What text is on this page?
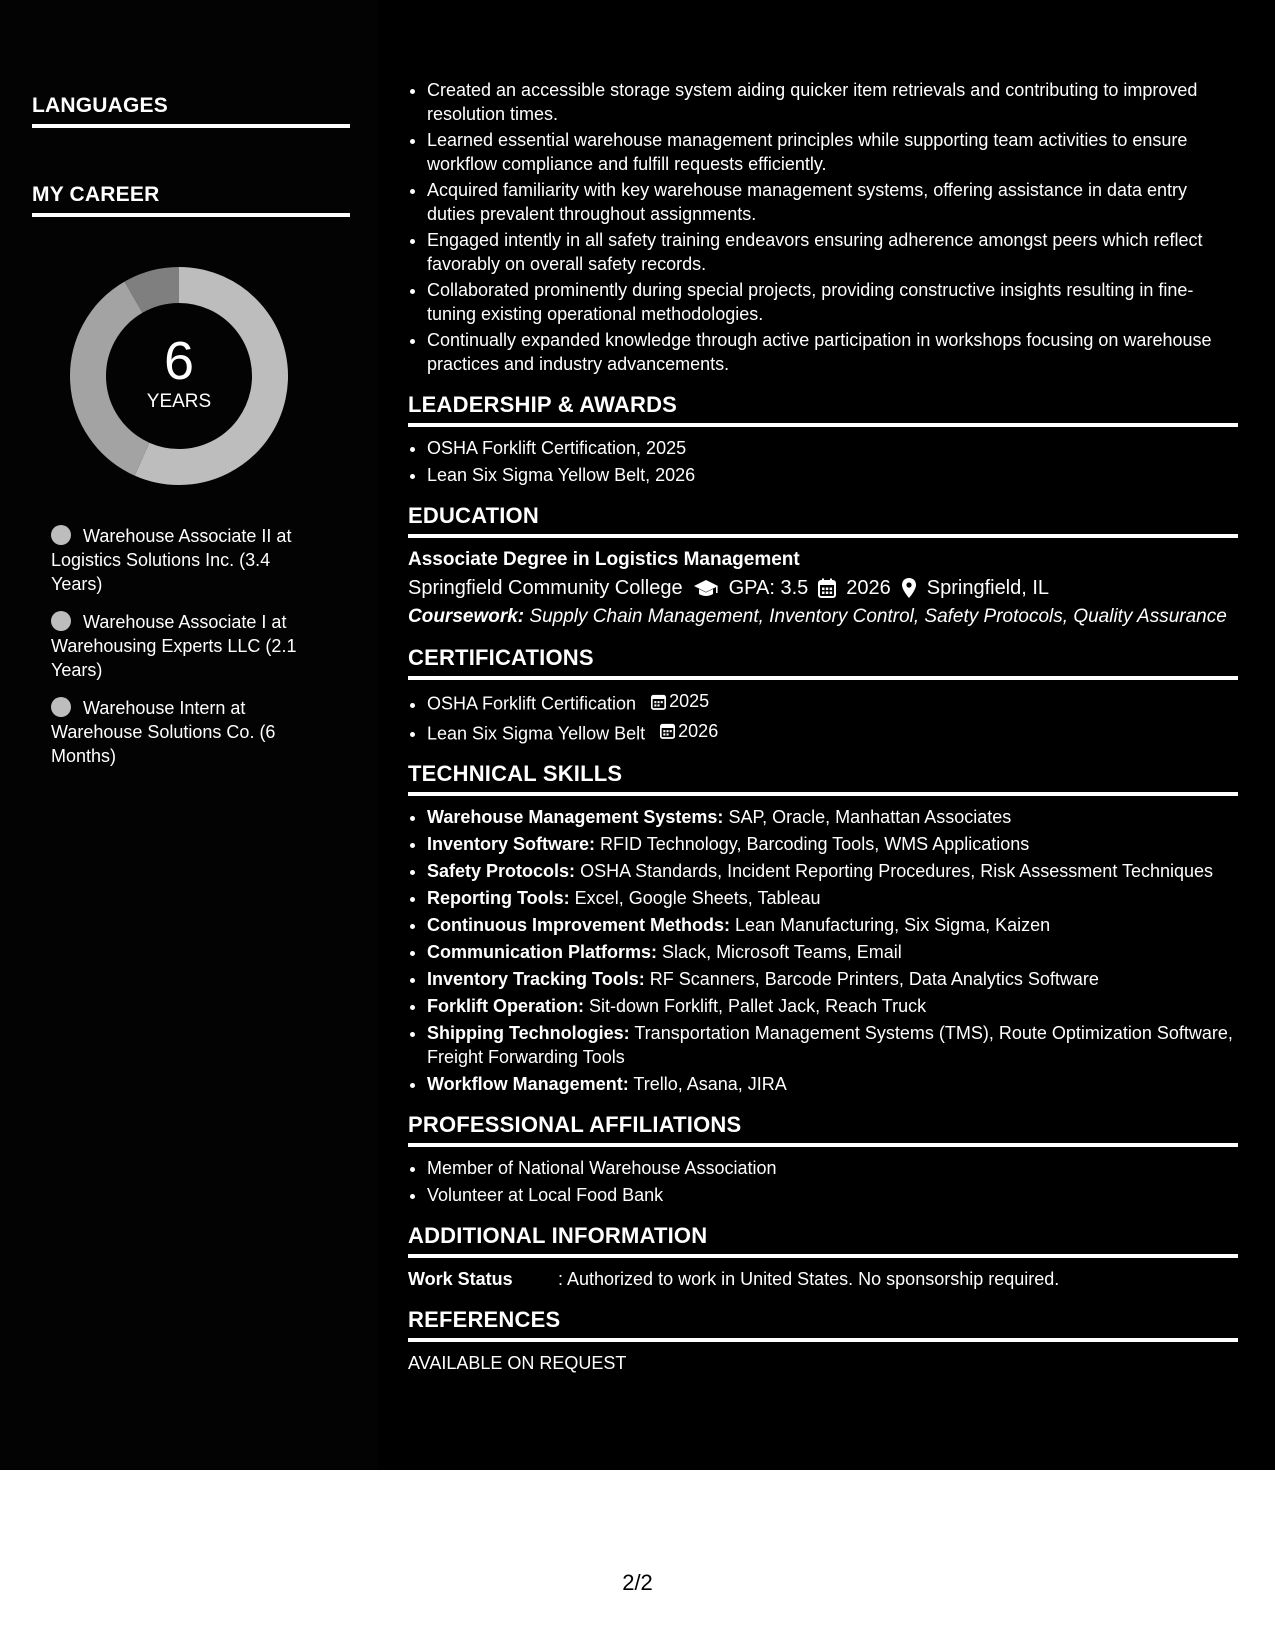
LANGUAGES
MY CAREER
6
YEARS
Warehouse Associate II at Logistics Solutions Inc. (3.4 Years)
Warehouse Associate I at Warehousing Experts LLC (2.1 Years)
Warehouse Intern at Warehouse Solutions Co. (6 Months)
• Created an accessible storage system aiding quicker item retrievals and contributing to improved resolution times.
• Learned essential warehouse management principles while supporting team activities to ensure workflow compliance and fulfill requests efficiently.
• Acquired familiarity with key warehouse management systems, offering assistance in data entry duties prevalent throughout assignments.
• Engaged intently in all safety training endeavors ensuring adherence amongst peers which reflect favorably on overall safety records.
• Collaborated prominently during special projects, providing constructive insights resulting in fine-tuning existing operational methodologies.
• Continually expanded knowledge through active participation in workshops focusing on warehouse practices and industry advancements.
LEADERSHIP & AWARDS
• OSHA Forklift Certification, 2025
• Lean Six Sigma Yellow Belt, 2026
EDUCATION
Associate Degree in Logistics Management
Springfield Community College GPA: 3.5 2026 Springfield, IL
Coursework: Supply Chain Management, Inventory Control, Safety Protocols, Quality Assurance
CERTIFICATIONS
• OSHA Forklift Certification 2025
• Lean Six Sigma Yellow Belt 2026
TECHNICAL SKILLS
• Warehouse Management Systems: SAP, Oracle, Manhattan Associates
• Inventory Software: RFID Technology, Barcoding Tools, WMS Applications
• Safety Protocols: OSHA Standards, Incident Reporting Procedures, Risk Assessment Techniques
• Reporting Tools: Excel, Google Sheets, Tableau
• Continuous Improvement Methods: Lean Manufacturing, Six Sigma, Kaizen
• Communication Platforms: Slack, Microsoft Teams, Email
• Inventory Tracking Tools: RF Scanners, Barcode Printers, Data Analytics Software
• Forklift Operation: Sit-down Forklift, Pallet Jack, Reach Truck
• Shipping Technologies: Transportation Management Systems (TMS), Route Optimization Software, Freight Forwarding Tools
• Workflow Management: Trello, Asana, JIRA
PROFESSIONAL AFFILIATIONS
• Member of National Warehouse Association
• Volunteer at Local Food Bank
ADDITIONAL INFORMATION
Work Status	: Authorized to work in United States. No sponsorship required.
REFERENCES
AVAILABLE ON REQUEST
2/2
